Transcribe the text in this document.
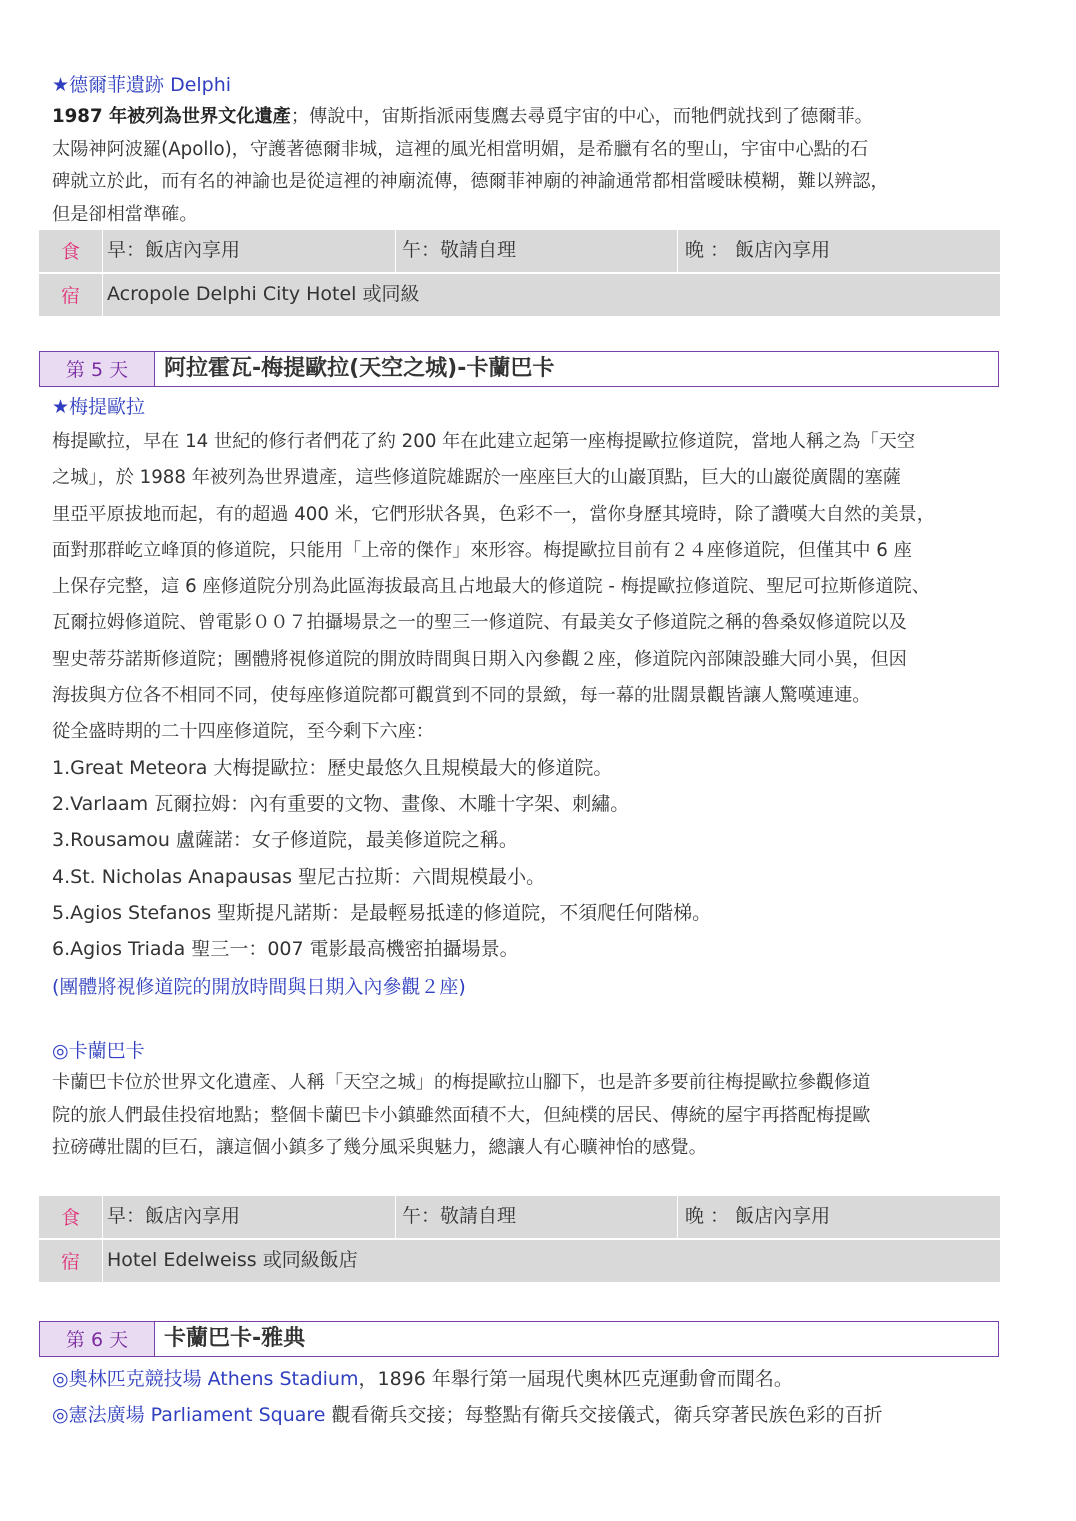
★德爾菲遺跡 Delphi
1987 年被列為世界文化遺產；傳說中，宙斯指派兩隻鷹去尋覓宇宙的中心，而牠們就找到了德爾菲。
太陽神阿波羅(Apollo)，守護著德爾非城，這裡的風光相當明媚，是希臘有名的聖山，宇宙中心點的石
碑就立於此，而有名的神諭也是從這裡的神廟流傳，德爾菲神廟的神諭通常都相當曖昧模糊，難以辨認，
但是卻相當準確。
食	早：飯店內享用	午：敬請自理	晚 ： 飯店內享用
宿	Acropole Delphi City Hotel 或同級
第 5 天	阿拉霍瓦-梅提歐拉(天空之城)-卡蘭巴卡
★梅提歐拉
梅提歐拉，早在 14 世紀的修行者們花了約 200 年在此建立起第一座梅提歐拉修道院，當地人稱之為「天空
之城」，於 1988 年被列為世界遺產，這些修道院雄踞於一座座巨大的山巖頂點，巨大的山巖從廣闊的塞薩
里亞平原拔地而起，有的超過 400 米，它們形狀各異，色彩不一，當你身歷其境時，除了讚嘆大自然的美景，
面對那群屹立峰頂的修道院，只能用「上帝的傑作」來形容。梅提歐拉目前有２４座修道院，但僅其中 6 座
上保存完整，這 6 座修道院分別為此區海拔最高且占地最大的修道院 - 梅提歐拉修道院、聖尼可拉斯修道院、
瓦爾拉姆修道院、曾電影００７拍攝場景之一的聖三一修道院、有最美女子修道院之稱的魯桑奴修道院以及
聖史蒂芬諾斯修道院；團體將視修道院的開放時間與日期入內參觀２座，修道院內部陳設雖大同小異，但因
海拔與方位各不相同不同，使每座修道院都可觀賞到不同的景緻，每一幕的壯闊景觀皆讓人驚嘆連連。
從全盛時期的二十四座修道院，至今剩下六座：
1.Great Meteora 大梅提歐拉：歷史最悠久且規模最大的修道院。
2.Varlaam 瓦爾拉姆：內有重要的文物、畫像、木雕十字架、刺繡。
3.Rousamou 盧薩諾：女子修道院，最美修道院之稱。
4.St. Nicholas Anapausas 聖尼古拉斯：六間規模最小。
5.Agios Stefanos 聖斯提凡諾斯：是最輕易抵達的修道院，不須爬任何階梯。
6.Agios Triada 聖三一：007 電影最高機密拍攝場景。
(團體將視修道院的開放時間與日期入內參觀２座)
◎卡蘭巴卡
卡蘭巴卡位於世界文化遺產、人稱「天空之城」的梅提歐拉山腳下，也是許多要前往梅提歐拉參觀修道
院的旅人們最佳投宿地點；整個卡蘭巴卡小鎮雖然面積不大，但純樸的居民、傳統的屋宇再搭配梅提歐
拉磅礡壯闊的巨石，讓這個小鎮多了幾分風采與魅力，總讓人有心曠神怡的感覺。
食	早：飯店內享用	午：敬請自理	晚 ： 飯店內享用
宿	Hotel Edelweiss 或同級飯店
第 6 天	卡蘭巴卡-雅典
◎奧林匹克競技場 Athens Stadium，1896 年舉行第一屆現代奧林匹克運動會而聞名。
◎憲法廣場 Parliament Square 觀看衛兵交接；每整點有衛兵交接儀式，衛兵穿著民族色彩的百折
